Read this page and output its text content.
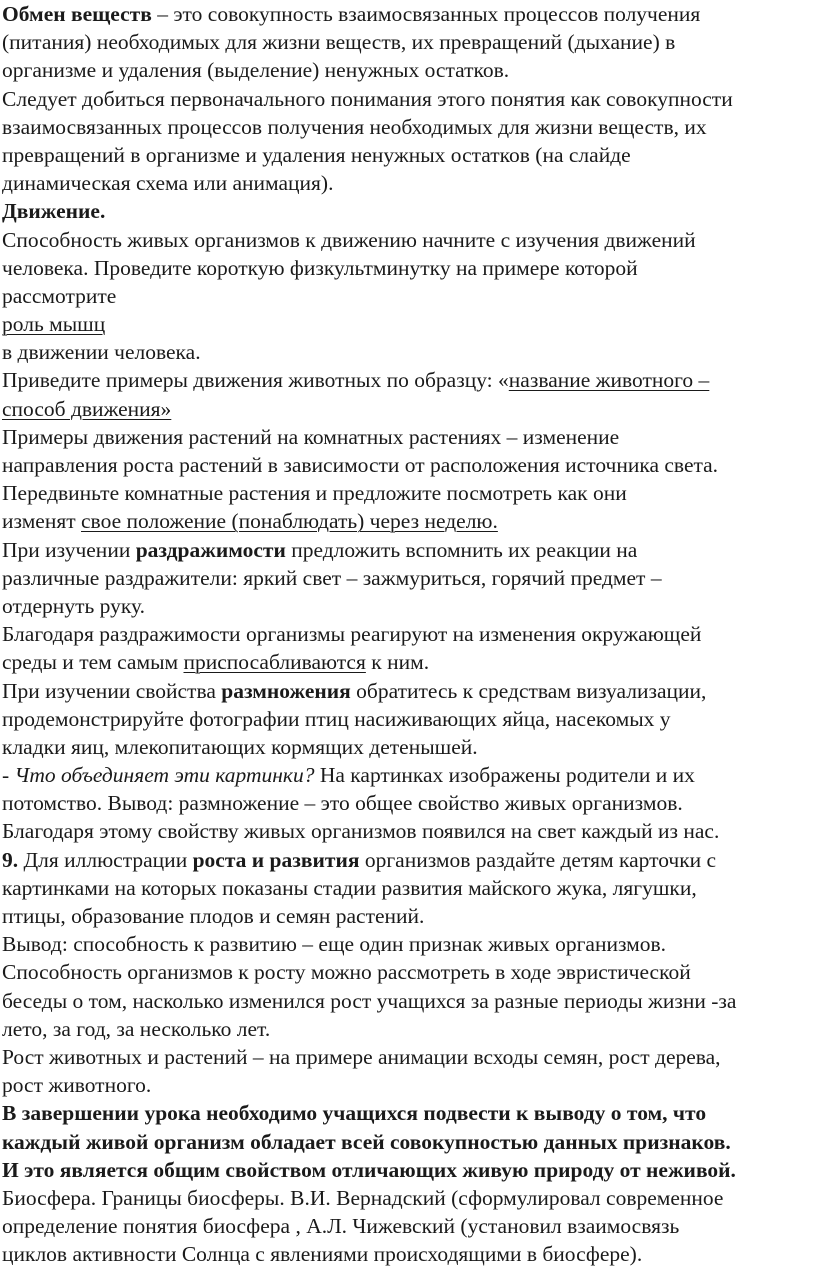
Обмен веществ – это совокупность взаимосвязанных процессов получения
(питания) необходимых для жизни веществ, их превращений (дыхание) в
организме и удаления (выделение) ненужных остатков.
Следует добиться первоначального понимания этого понятия как совокупности
взаимосвязанных процессов получения необходимых для жизни веществ, их
превращений в организме и удаления ненужных остатков (на слайде
динамическая схема или анимация).
Движение.
Способность живых организмов к движению начните с изучения движений
человека. Проведите короткую физкультминутку на примере которой
рассмотрите
роль мышц
в движении человека.
Приведите примеры движения животных по образцу: «название животного –
способ движения»
Примеры движения растений на комнатных растениях – изменение
направления роста растений в зависимости от расположения источника света.
Передвиньте комнатные растения и предложите посмотреть как они
изменят свое положение (понаблюдать) через неделю.
При изучении раздражимости предложить вспомнить их реакции на
различные раздражители: яркий свет – зажмуриться, горячий предмет –
отдернуть руку.
Благодаря раздражимости организмы реагируют на изменения окружающей
среды и тем самым приспосабливаются к ним.
При изучении свойства размножения обратитесь к средствам визуализации,
продемонстрируйте фотографии птиц насиживающих яйца, насекомых у
кладки яиц, млекопитающих кормящих детенышей.
- Что объединяет эти картинки? На картинках изображены родители и их
потомство. Вывод: размножение – это общее свойство живых организмов.
Благодаря этому свойству живых организмов появился на свет каждый из нас.
9. Для иллюстрации роста и развития организмов раздайте детям карточки с
картинками на которых показаны стадии развития майского жука, лягушки,
птицы, образование плодов и семян растений.
Вывод: способность к развитию – еще один признак живых организмов.
Способность организмов к росту можно рассмотреть в ходе эвристической
беседы о том, насколько изменился рост учащихся за разные периоды жизни -за
лето, за год, за несколько лет.
Рост животных и растений – на примере анимации всходы семян, рост дерева,
рост животного.
В завершении урока необходимо учащихся подвести к выводу о том, что
каждый живой организм обладает всей совокупностью данных признаков.
И это является общим свойством отличающих живую природу от неживой.
Биосфера. Границы биосферы. В.И. Вернадский (сформулировал современное
определение понятия биосфера , А.Л. Чижевский (установил взаимосвязь
циклов активности Солнца с явлениями происходящими в биосфере).
